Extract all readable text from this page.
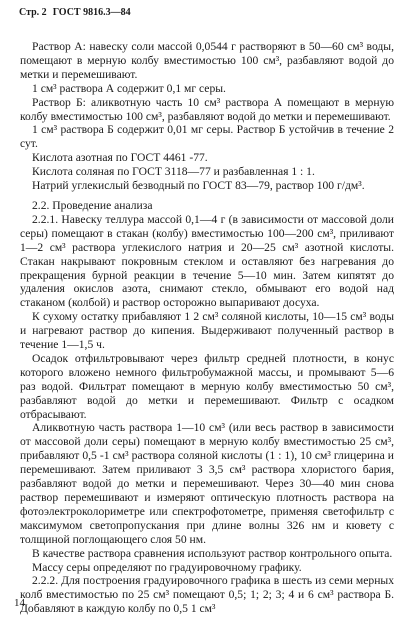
Стр. 2 ГОСТ 9816.3—84

Раствор А: навеску соли массой 0,0544 г растворяют в 50—60 см³ воды, помещают в мерную колбу вместимостью 100 см³, разбавляют водой до метки и перемешивают.

1 см³ раствора А содержит 0,1 мг серы.

Раствор Б: аликвотную часть 10 см³ раствора А помещают в мерную колбу вместимостью 100 см³, разбавляют водой до метки и перемешивают.

1 см³ раствора Б содержит 0,01 мг серы. Раствор Б устойчив в течение 2 сут.

Кислота азотная по ГОСТ 4461 -77.

Кислота соляная по ГОСТ 3118—77 и разбавленная 1 : 1.

Натрий углекислый безводный по ГОСТ 83—79, раствор 100 г/дм³.

2.2. Проведение анализа

2.2.1. Навеску теллура массой 0,1—4 г (в зависимости от массовой доли серы) помещают в стакан (колбу) вместимостью 100—200 см³, приливают 1—2 см³ раствора углекислого натрия и 20—25 см³ азотной кислоты. Стакан накрывают покровным стеклом и оставляют без нагревания до прекращения бурной реакции в течение 5—10 мин. Затем кипятят до удаления окислов азота, снимают стекло, обмывают его водой над стаканом (колбой) и раствор осторожно выпаривают досуха.

К сухому остатку прибавляют 1 2 см³ соляной кислоты, 10—15 см³ воды и нагревают раствор до кипения. Выдерживают полученный раствор в течение 1—1,5 ч.

Осадок отфильтровывают через фильтр средней плотности, в конус которого вложено немного фильтробумажной массы, и промывают 5—6 раз водой. Фильтрат помещают в мерную колбу вместимостью 50 см³, разбавляют водой до метки и перемешивают. Фильтр с осадком отбрасывают.

Аликвотную часть раствора 1—10 см³ (или весь раствор в зависимости от массовой доли серы) помещают в мерную колбу вместимостью 25 см³, прибавляют 0,5 -1 см³ раствора соляной кислоты (1 : 1), 10 см³ глицерина и перемешивают. Затем приливают 3 3,5 см³ раствора хлористого бария, разбавляют водой до метки и перемешивают. Через 30—40 мин снова раствор перемешивают и измеряют оптическую плотность раствора на фотоэлектроколориметре или спектрофотометре, применяя светофильтр с максимумом светопропускания при длине волны 326 нм и кювету с толщиной поглощающего слоя 50 нм.

В качестве раствора сравнения используют раствор контрольного опыта.

Массу серы определяют по градуировочному графику.

2.2.2. Для построения градуировочного графика в шесть из семи мерных колб вместимостью по 25 см³ помещают 0,5; 1; 2; 3; 4 и 6 см³ раствора Б. Добавляют в каждую колбу по 0,5 1 см³

14
